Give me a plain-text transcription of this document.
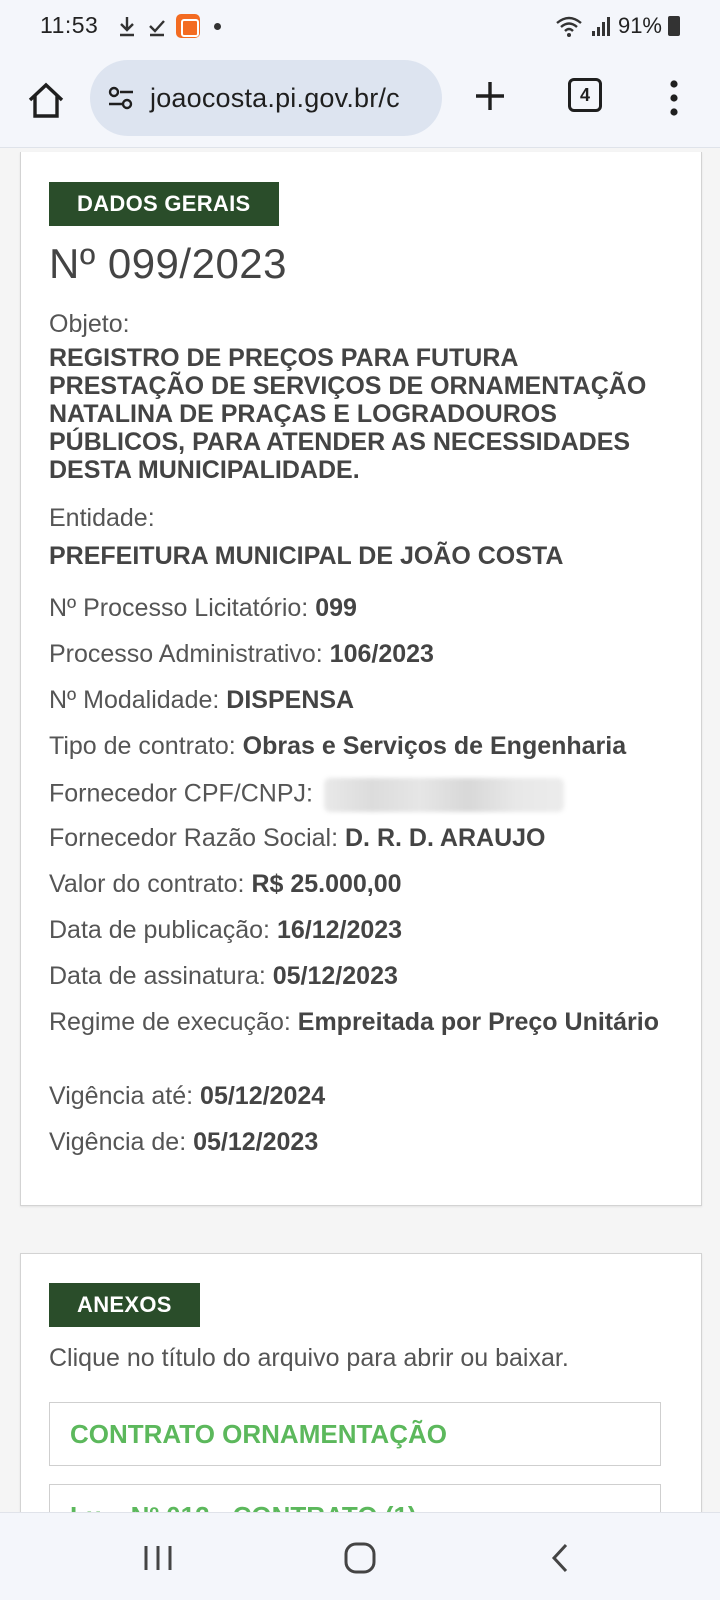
11:53	91%
joaocosta.pi.gov.br/c	4
DADOS GERAIS
Nº 099/2023
Objeto:
REGISTRO DE PREÇOS PARA FUTURA PRESTAÇÃO DE SERVIÇOS DE ORNAMENTAÇÃO NATALINA DE PRAÇAS E LOGRADOUROS PÚBLICOS, PARA ATENDER AS NECESSIDADES DESTA MUNICIPALIDADE.
Entidade:
PREFEITURA MUNICIPAL DE JOÃO COSTA
Nº Processo Licitatório: 099
Processo Administrativo: 106/2023
Nº Modalidade: DISPENSA
Tipo de contrato: Obras e Serviços de Engenharia
Fornecedor CPF/CNPJ:
Fornecedor Razão Social: D. R. D. ARAUJO
Valor do contrato: R$ 25.000,00
Data de publicação: 16/12/2023
Data de assinatura: 05/12/2023
Regime de execução: Empreitada por Preço Unitário
Vigência até: 05/12/2024
Vigência de: 05/12/2023
ANEXOS
Clique no título do arquivo para abrir ou baixar.
CONTRATO ORNAMENTAÇÃO
